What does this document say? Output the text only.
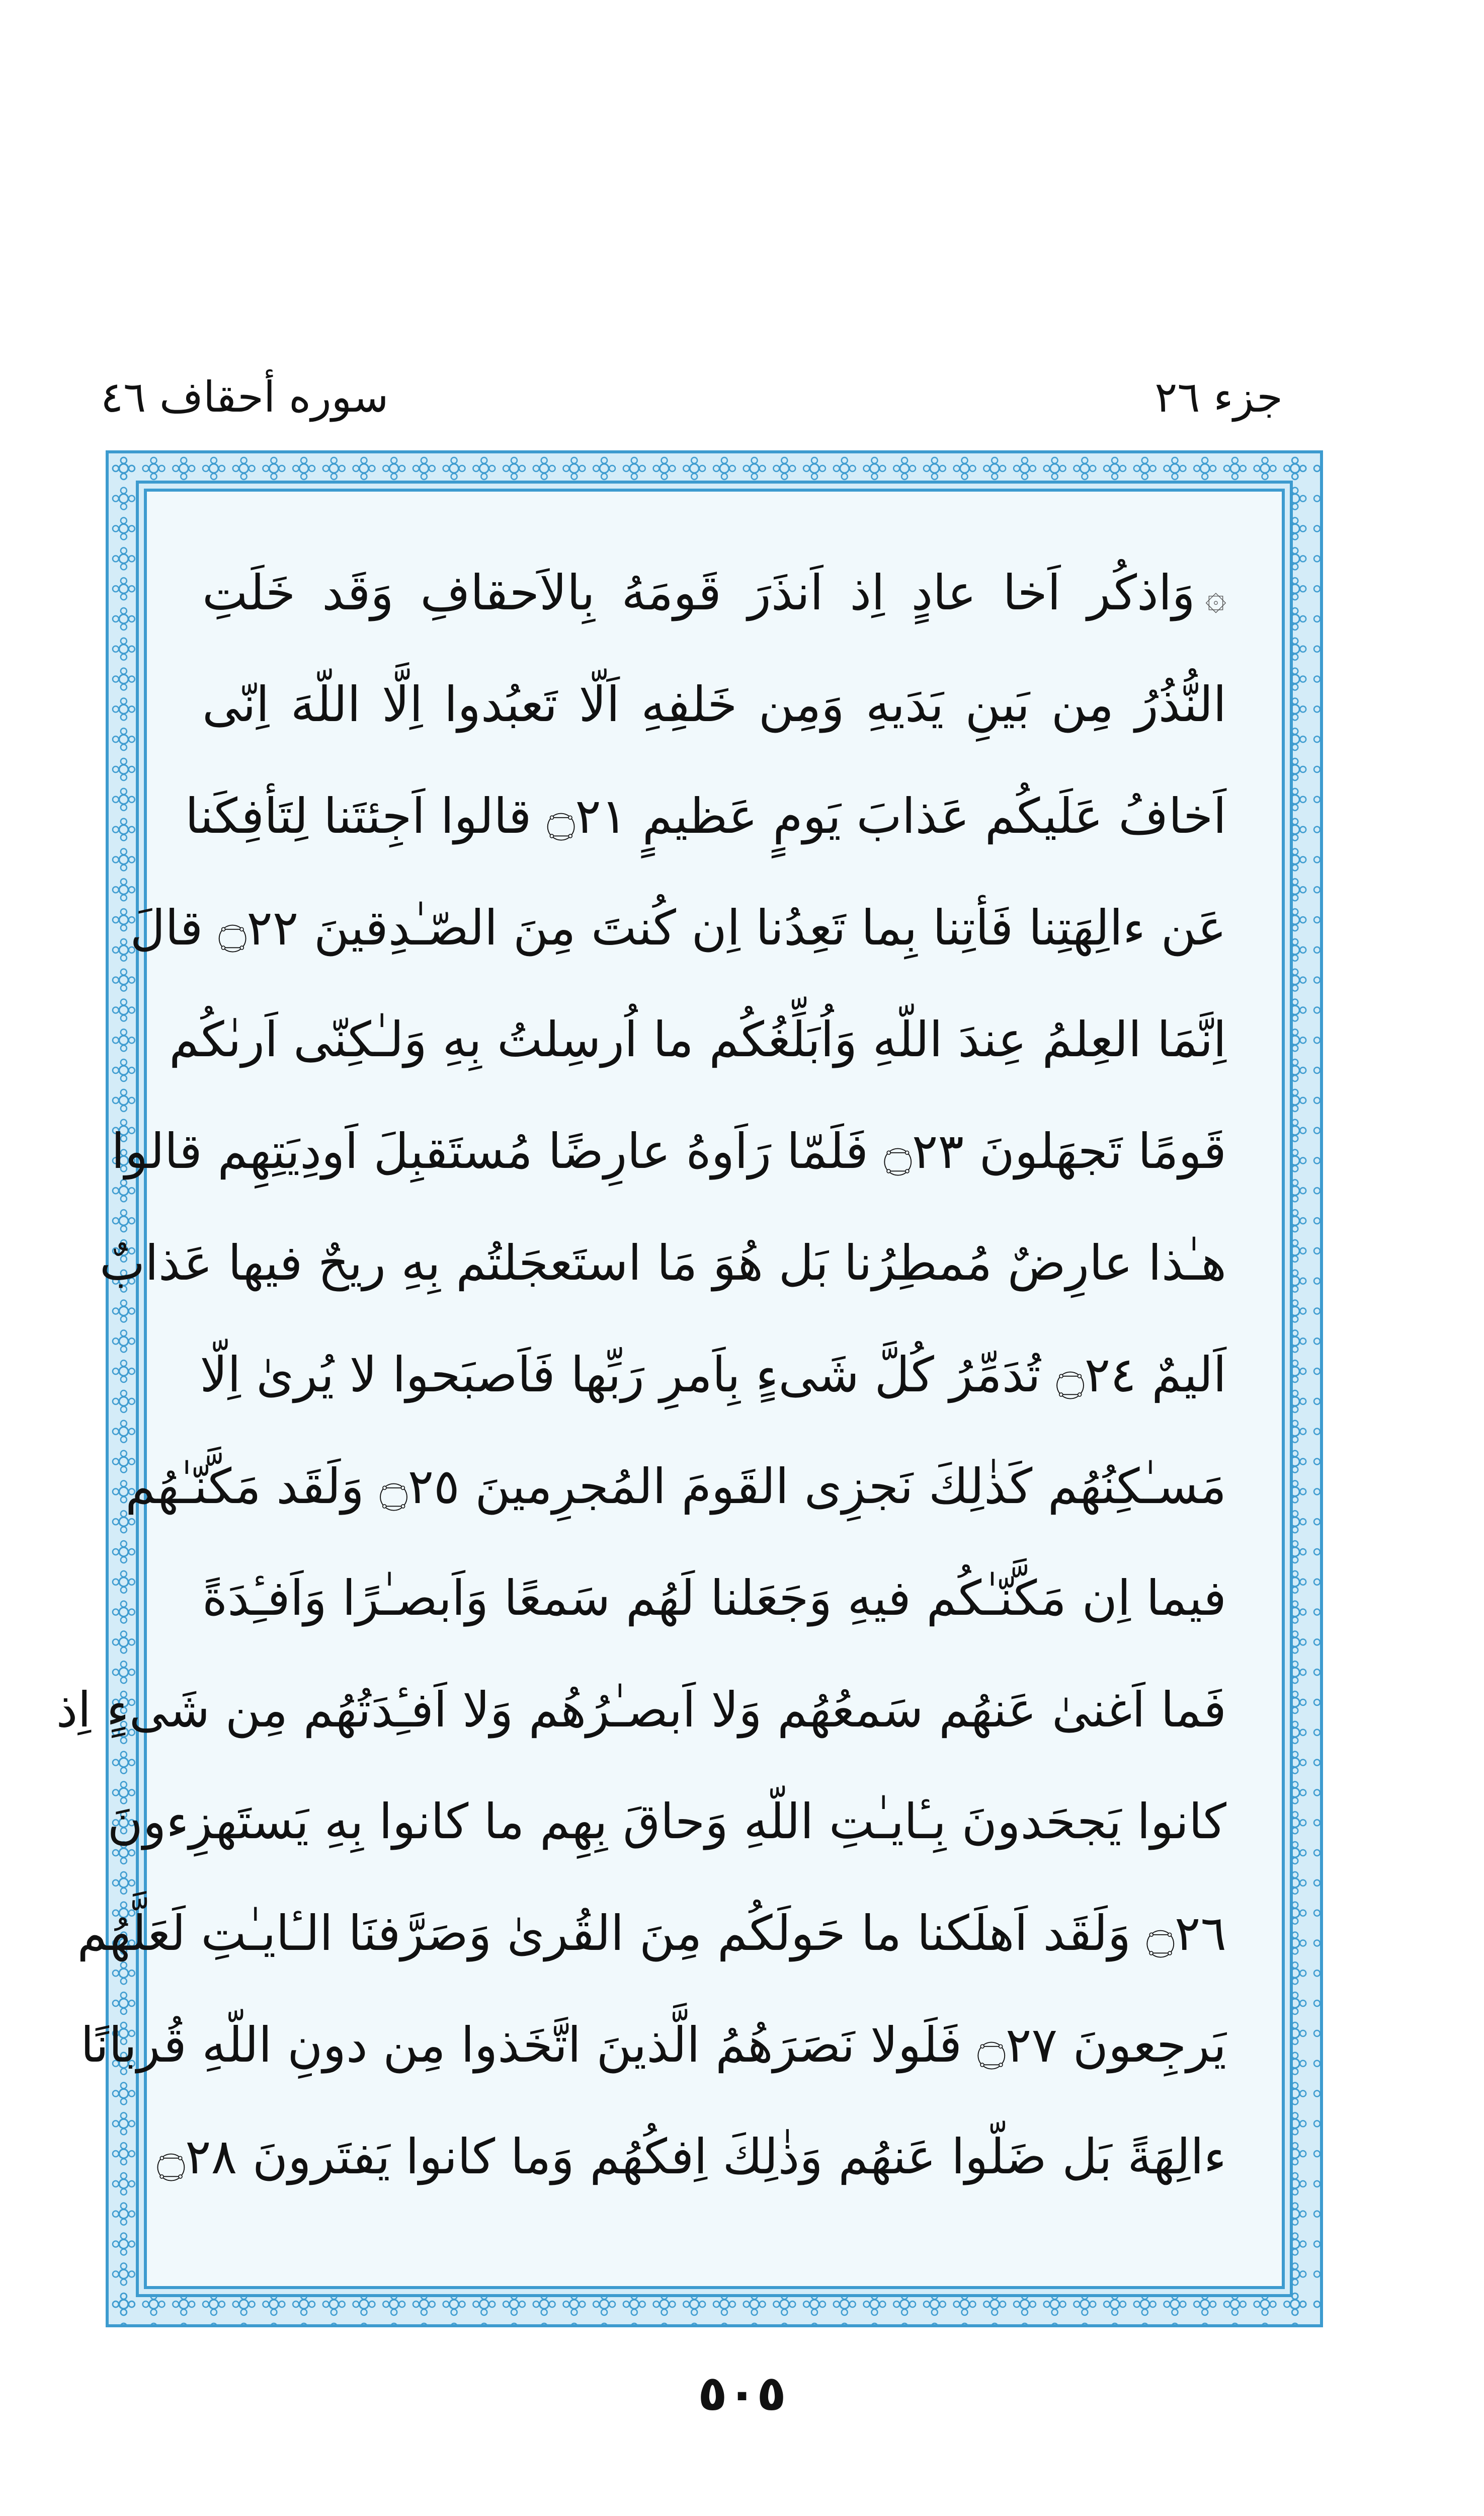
جزء ٢٦
سوره أحقاف ٤٦
۞وَاذكُر اَخا عادٍ اِذ اَنذَرَ قَومَهُ بِالاَحقافِ وَقَد خَلَتِ
النُّذُرُ مِن بَينِ يَدَيهِ وَمِن خَلفِهِ اَلّا تَعبُدوا اِلَّا اللّهَ اِنّى
اَخافُ عَلَيكُم عَذابَ يَومٍ عَظيمٍ ۝٢١ قالوا اَجِئتَنا لِتَأفِكَنا
عَن ءالِهَتِنا فَأتِنا بِما تَعِدُنا اِن كُنتَ مِنَ الصّـٰدِقينَ ۝٢٢ قالَ
اِنَّمَا العِلمُ عِندَ اللّهِ وَاُبَلِّغُكُم ما اُرسِلتُ بِهِ وَلـٰكِنّى اَرىٰكُم
قَومًا تَجهَلونَ ۝٢٣ فَلَمّا رَاَوهُ عارِضًا مُستَقبِلَ اَودِيَتِهِم قالوا
هـٰذا عارِضٌ مُمطِرُنا بَل هُوَ مَا استَعجَلتُم بِهِ ريحٌ فيها عَذابٌ
اَليمٌ ۝٢٤ تُدَمِّرُ كُلَّ شَىءٍ بِاَمرِ رَبِّها فَاَصبَحوا لا يُرىٰ اِلّا
مَسـٰكِنُهُم كَذٰلِكَ نَجزِى القَومَ المُجرِمينَ ۝٢٥ وَلَقَد مَكَّنّـٰهُم
فيما اِن مَكَّنّـٰكُم فيهِ وَجَعَلنا لَهُم سَمعًا وَاَبصـٰرًا وَاَفـِٔدَةً
فَما اَغنىٰ عَنهُم سَمعُهُم وَلا اَبصـٰرُهُم وَلا اَفـِٔدَتُهُم مِن شَىءٍ اِذ
كانوا يَجحَدونَ بِـٔايـٰتِ اللّهِ وَحاقَ بِهِم ما كانوا بِهِ يَستَهزِءونَ
۝٢٦ وَلَقَد اَهلَكنا ما حَولَكُم مِنَ القُرىٰ وَصَرَّفنَا الـٔايـٰتِ لَعَلَّهُم
يَرجِعونَ ۝٢٧ فَلَولا نَصَرَهُمُ الَّذينَ اتَّخَذوا مِن دونِ اللّهِ قُربانًا
ءالِهَةً بَل ضَلّوا عَنهُم وَذٰلِكَ اِفكُهُم وَما كانوا يَفتَرونَ ۝٢٨
٥٠٥
